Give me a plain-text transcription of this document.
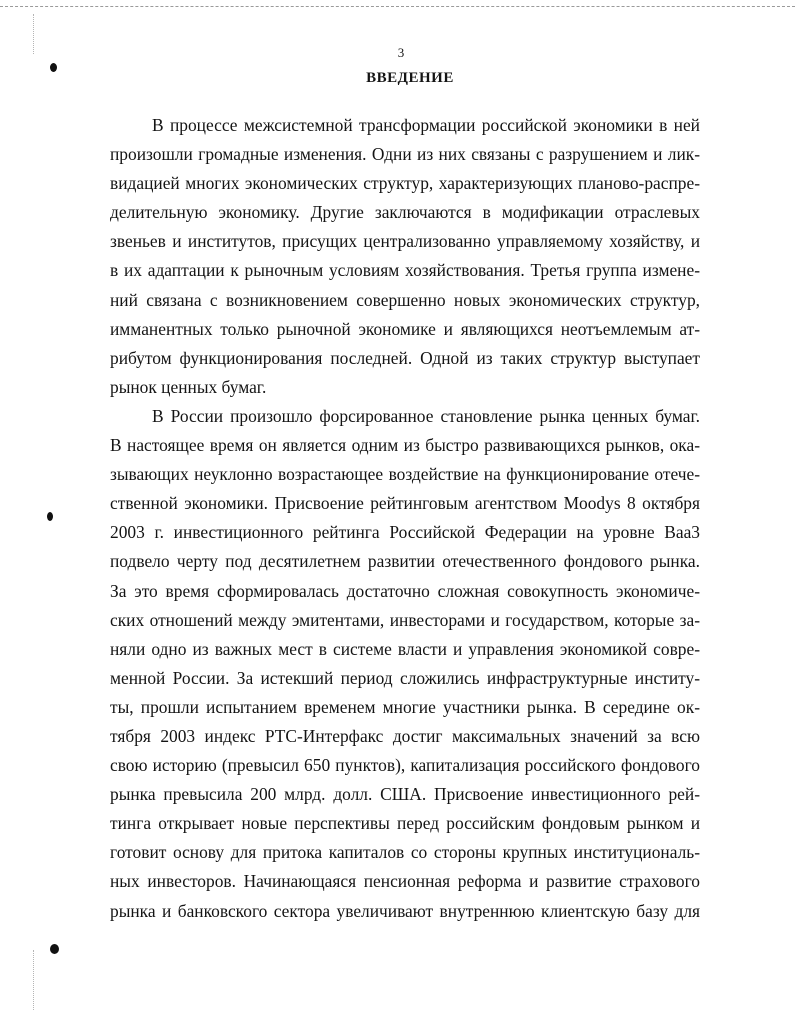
3
ВВЕДЕНИЕ
В процессе межсистемной трансформации российской экономики в ней
произошли громадные изменения. Одни из них связаны с разрушением и лик-
видацией многих экономических структур, характеризующих планово-распре-
делительную экономику. Другие заключаются в модификации отраслевых
звеньев и институтов, присущих централизованно управляемому хозяйству, и
в их адаптации к рыночным условиям хозяйствования. Третья группа измене-
ний связана с возникновением совершенно новых экономических структур,
имманентных только рыночной экономике и являющихся неотъемлемым ат-
рибутом функционирования последней. Одной из таких структур выступает
рынок ценных бумаг.
В России произошло форсированное становление рынка ценных бумаг.
В настоящее время он является одним из быстро развивающихся рынков, ока-
зывающих неуклонно возрастающее воздействие на функционирование отече-
ственной экономики. Присвоение рейтинговым агентством Moodys 8 октября
2003 г. инвестиционного рейтинга Российской Федерации на уровне Baa3
подвело черту под десятилетнем развитии отечественного фондового рынка.
За это время сформировалась достаточно сложная совокупность экономиче-
ских отношений между эмитентами, инвесторами и государством, которые за-
няли одно из важных мест в системе власти и управления экономикой совре-
менной России. За истекший период сложились инфраструктурные институ-
ты, прошли испытанием временем многие участники рынка. В середине ок-
тября 2003 индекс РТС-Интерфакс достиг максимальных значений за всю
свою историю (превысил 650 пунктов), капитализация российского фондового
рынка превысила 200 млрд. долл. США. Присвоение инвестиционного рей-
тинга открывает новые перспективы перед российским фондовым рынком и
готовит основу для притока капиталов со стороны крупных институциональ-
ных инвесторов. Начинающаяся пенсионная реформа и развитие страхового
рынка и банковского сектора увеличивают внутреннюю клиентскую базу для
